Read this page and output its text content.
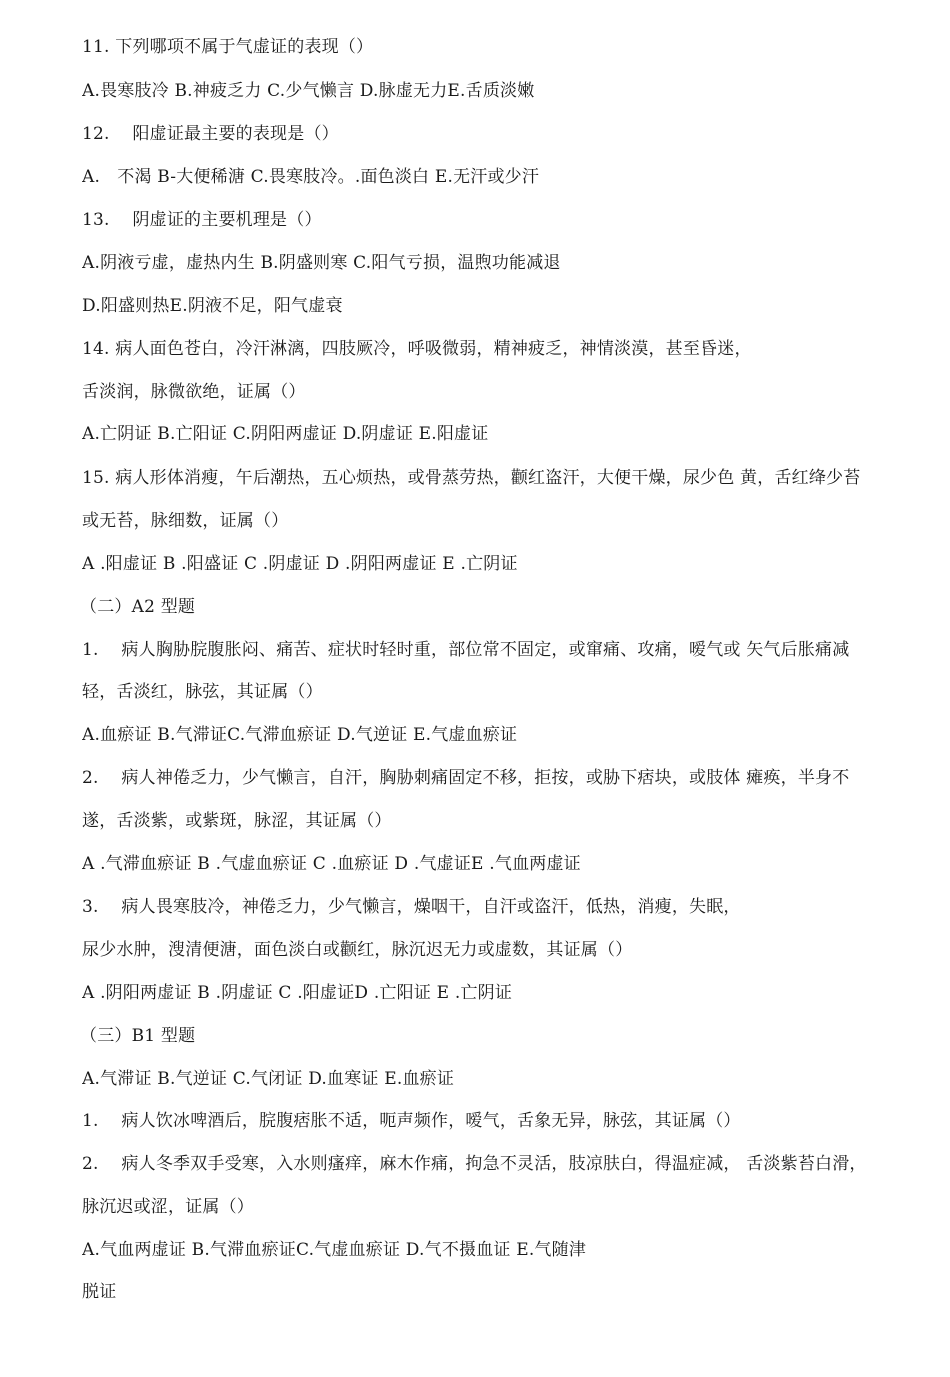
11. 下列哪项不属于气虚证的表现（）
A.畏寒肢冷 B.神疲乏力 C.少气懒言 D.脉虚无力E.舌质淡嫩
12.　 阳虚证最主要的表现是（）
A.　不渴 B-大便稀溏 C.畏寒肢冷。.面色淡白 E.无汗或少汗
13.　 阴虚证的主要机理是（）
A.阴液亏虚，虚热内生 B.阴盛则寒 C.阳气亏损，温煦功能减退
D.阳盛则热E.阴液不足，阳气虚衰
14. 病人面色苍白，冷汗淋漓，四肢厥冷，呼吸微弱，精神疲乏，神情淡漠，甚至昏迷，
舌淡润，脉微欲绝，证属（）
A.亡阴证 B.亡阳证 C.阴阳两虚证 D.阴虚证 E.阳虚证
15. 病人形体消瘦，午后潮热，五心烦热，或骨蒸劳热，颧红盗汗，大便干燥，尿少色 黄，舌红绛少苔
或无苔，脉细数，证属（）
A .阳虚证 B .阳盛证 C .阴虚证 D .阴阳两虚证 E .亡阴证
（二）A2 型题
1.　 病人胸胁脘腹胀闷、痛苦、症状时轻时重，部位常不固定，或窜痛、攻痛，嗳气或 矢气后胀痛减
轻，舌淡红，脉弦，其证属（）
A.血瘀证 B.气滞证C.气滞血瘀证 D.气逆证 E.气虚血瘀证
2.　 病人神倦乏力，少气懒言，自汗，胸胁刺痛固定不移，拒按，或胁下痞块，或肢体 瘫痪，半身不
遂，舌淡紫，或紫斑，脉涩，其证属（）
A .气滞血瘀证 B .气虚血瘀证 C .血瘀证 D .气虚证E .气血两虚证
3.　 病人畏寒肢冷，神倦乏力，少气懒言，燥咽干，自汗或盗汗，低热，消瘦，失眠，
尿少水肿，溲清便溏，面色淡白或颧红，脉沉迟无力或虚数，其证属（）
A .阴阳两虚证 B .阴虚证 C .阳虚证D .亡阳证 E .亡阴证
（三）B1 型题
A.气滞证 B.气逆证 C.气闭证 D.血寒证 E.血瘀证
1.　 病人饮冰啤酒后，脘腹痞胀不适，呃声频作，嗳气，舌象无异，脉弦，其证属（）
2.　 病人冬季双手受寒，入水则瘙痒，麻木作痛，拘急不灵活，肢凉肤白，得温症减， 舌淡紫苔白滑，
脉沉迟或涩，证属（）
A.气血两虚证 B.气滞血瘀证C.气虚血瘀证 D.气不摄血证 E.气随津
脱证
